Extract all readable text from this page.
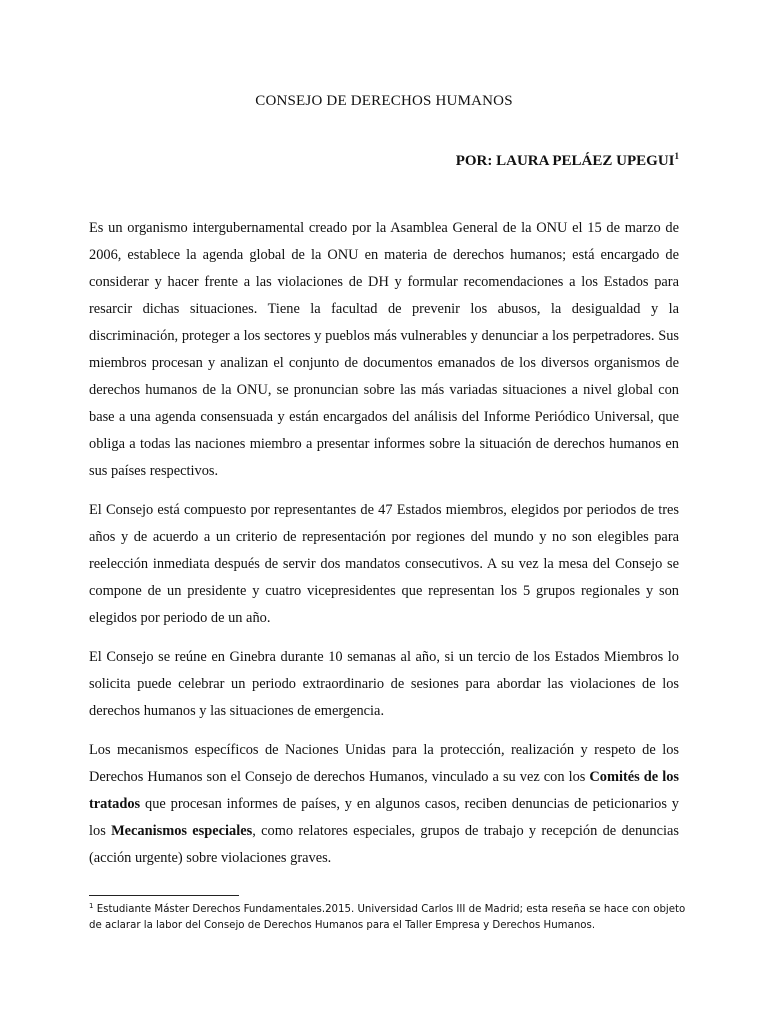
CONSEJO DE DERECHOS HUMANOS
POR: LAURA PELÁEZ UPEGUI$^1$

Es un organismo intergubernamental creado por la Asamblea General de la ONU el 15 de marzo de 2006, establece la agenda global de la ONU en materia de derechos humanos; está encargado de considerar y hacer frente a las violaciones de DH y formular recomendaciones a los Estados para resarcir dichas situaciones. Tiene la facultad de prevenir los abusos, la desigualdad y la discriminación, proteger a los sectores y pueblos más vulnerables y denunciar a los perpetradores. Sus miembros procesan y analizan el conjunto de documentos emanados de los diversos organismos de derechos humanos de la ONU, se pronuncian sobre las más variadas situaciones a nivel global con base a una agenda consensuada y están encargados del análisis del Informe Periódico Universal, que obliga a todas las naciones miembro a presentar informes sobre la situación de derechos humanos en sus países respectivos.

El Consejo está compuesto por representantes de 47 Estados miembros, elegidos por periodos de tres años y de acuerdo a un criterio de representación por regiones del mundo y no son elegibles para reelección inmediata después de servir dos mandatos consecutivos. A su vez la mesa del Consejo se compone de un presidente y cuatro vicepresidentes que representan los 5 grupos regionales y son elegidos por periodo de un año.

El Consejo se reúne en Ginebra durante 10 semanas al año, si un tercio de los Estados Miembros lo solicita puede celebrar un periodo extraordinario de sesiones para abordar las violaciones de los derechos humanos y las situaciones de emergencia.

Los mecanismos específicos de Naciones Unidas para la protección, realización y respeto de los Derechos Humanos son el Consejo de derechos Humanos, vinculado a su vez con los Comités de los tratados que procesan informes de países, y en algunos casos, reciben denuncias de peticionarios y los Mecanismos especiales, como relatores especiales, grupos de trabajo y recepción de denuncias (acción urgente) sobre violaciones graves.

$^1$ Estudiante Máster Derechos Fundamentales.2015. Universidad Carlos III de Madrid; esta reseña se hace con objeto de aclarar la labor del Consejo de Derechos Humanos para el Taller Empresa y Derechos Humanos.
